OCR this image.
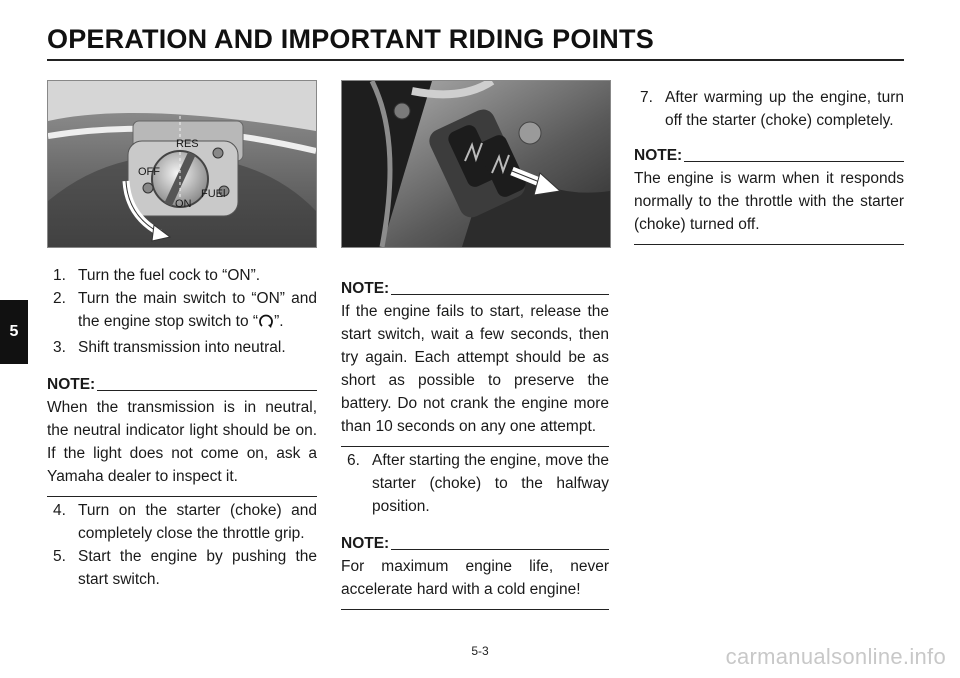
OPERATION AND IMPORTANT RIDING POINTS
5
RES
OFF
ON
FUEl
1. Turn the fuel cock to “ON”.
2. Turn the main switch to “ON” and the engine stop switch to “ ”.
3. Shift transmission into neutral.
NOTE:
When the transmission is in neutral, the neutral indicator light should be on. If the light does not come on, ask a Yamaha dealer to inspect it.
4. Turn on the starter (choke) and completely close the throttle grip.
5. Start the engine by pushing the start switch.
NOTE:
If the engine fails to start, release the start switch, wait a few seconds, then try again. Each attempt should be as short as possible to preserve the battery. Do not crank the engine more than 10 seconds on any one attempt.
6. After starting the engine, move the starter (choke) to the halfway position.
NOTE:
For maximum engine life, never accelerate hard with a cold engine!
7. After warming up the engine, turn off the starter (choke) completely.
NOTE:
The engine is warm when it responds normally to the throttle with the starter (choke) turned off.
5-3	carmanualsonline.info
